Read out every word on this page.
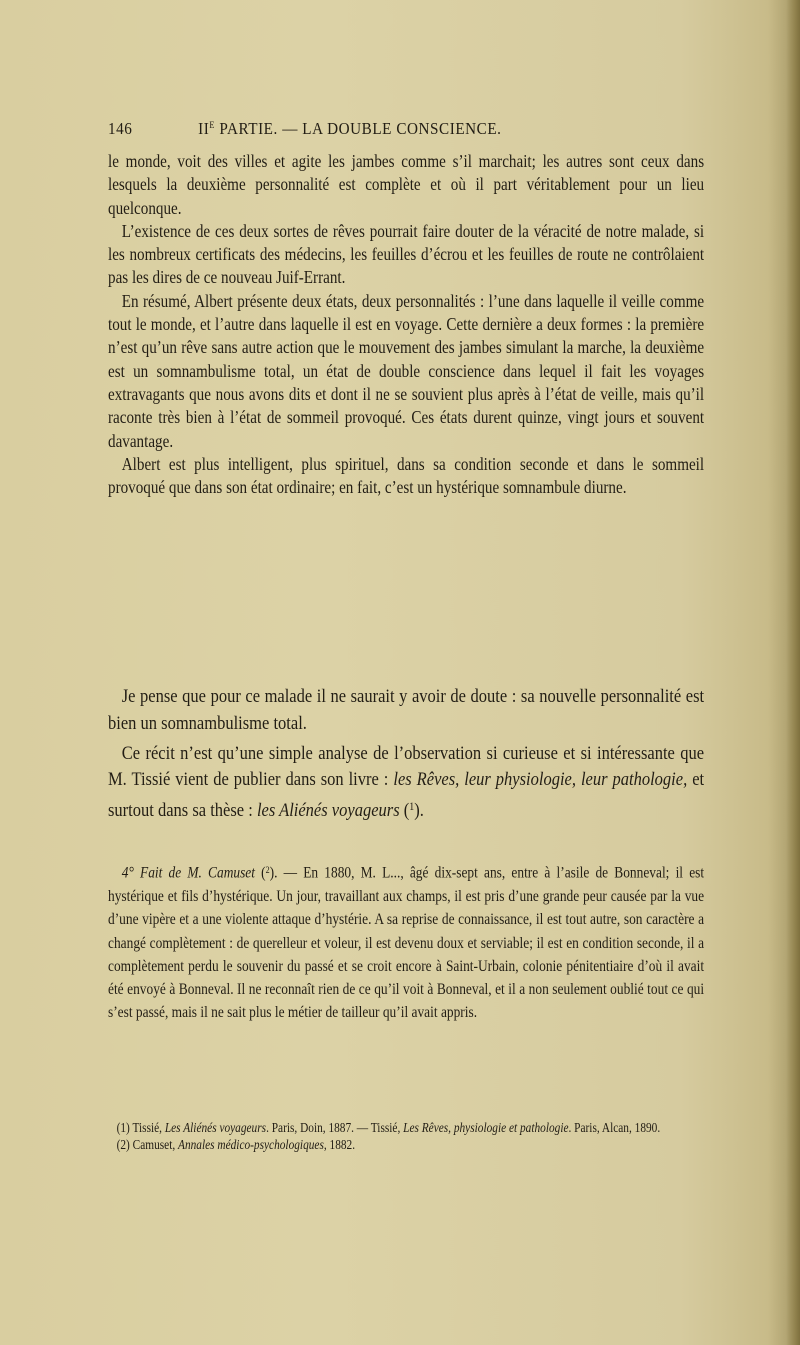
146	$II^E$ PARTIE. — LA DOUBLE CONSCIENCE.

le monde, voit des villes et agite les jambes comme s’il marchait; les autres sont ceux dans lesquels la deuxième personnalité est complète et où il part véritablement pour un lieu quelconque.

L’existence de ces deux sortes de rêves pourrait faire douter de la véracité de notre malade, si les nombreux certificats des médecins, les feuilles d’écrou et les feuilles de route ne contrôlaient pas les dires de ce nouveau Juif-Errant.

En résumé, Albert présente deux états, deux personnalités : l’une dans laquelle il veille comme tout le monde, et l’autre dans laquelle il est en voyage. Cette dernière a deux formes : la première n’est qu’un rêve sans autre action que le mouvement des jambes simulant la marche, la deuxième est un somnambulisme total, un état de double conscience dans lequel il fait les voyages extravagants que nous avons dits et dont il ne se souvient plus après à l’état de veille, mais qu’il raconte très bien à l’état de sommeil provoqué. Ces états durent quinze, vingt jours et souvent davantage.

Albert est plus intelligent, plus spirituel, dans sa condition seconde et dans le sommeil provoqué que dans son état ordinaire; en fait, c’est un hystérique somnambule diurne.

Je pense que pour ce malade il ne saurait y avoir de doute : sa nouvelle personnalité est bien un somnambulisme total.

Ce récit n’est qu’une simple analyse de l’observation si curieuse et si intéressante que M. Tissié vient de publier dans son livre : les Rêves, leur physiologie, leur pathologie, et surtout dans sa thèse : les Aliénés voyageurs ($^1$).

4° Fait de M. Camuset ($^2$). — En 1880, M. L..., âgé dix-sept ans, entre à l’asile de Bonneval; il est hystérique et fils d’hystérique. Un jour, travaillant aux champs, il est pris d’une grande peur causée par la vue d’une vipère et a une violente attaque d’hystérie. A sa reprise de connaissance, il est tout autre, son caractère a changé complètement : de querelleur et voleur, il est devenu doux et serviable; il est en condition seconde, il a complètement perdu le souvenir du passé et se croit encore à Saint-Urbain, colonie pénitentiaire d’où il avait été envoyé à Bonneval. Il ne reconnaît rien de ce qu’il voit à Bonneval, et il a non seulement oublié tout ce qui s’est passé, mais il ne sait plus le métier de tailleur qu’il avait appris.

(1) Tissié, Les Aliénés voyageurs. Paris, Doin, 1887. — Tissié, Les Rêves, physiologie et pathologie. Paris, Alcan, 1890.

(2) Camuset, Annales médico-psychologiques, 1882.
